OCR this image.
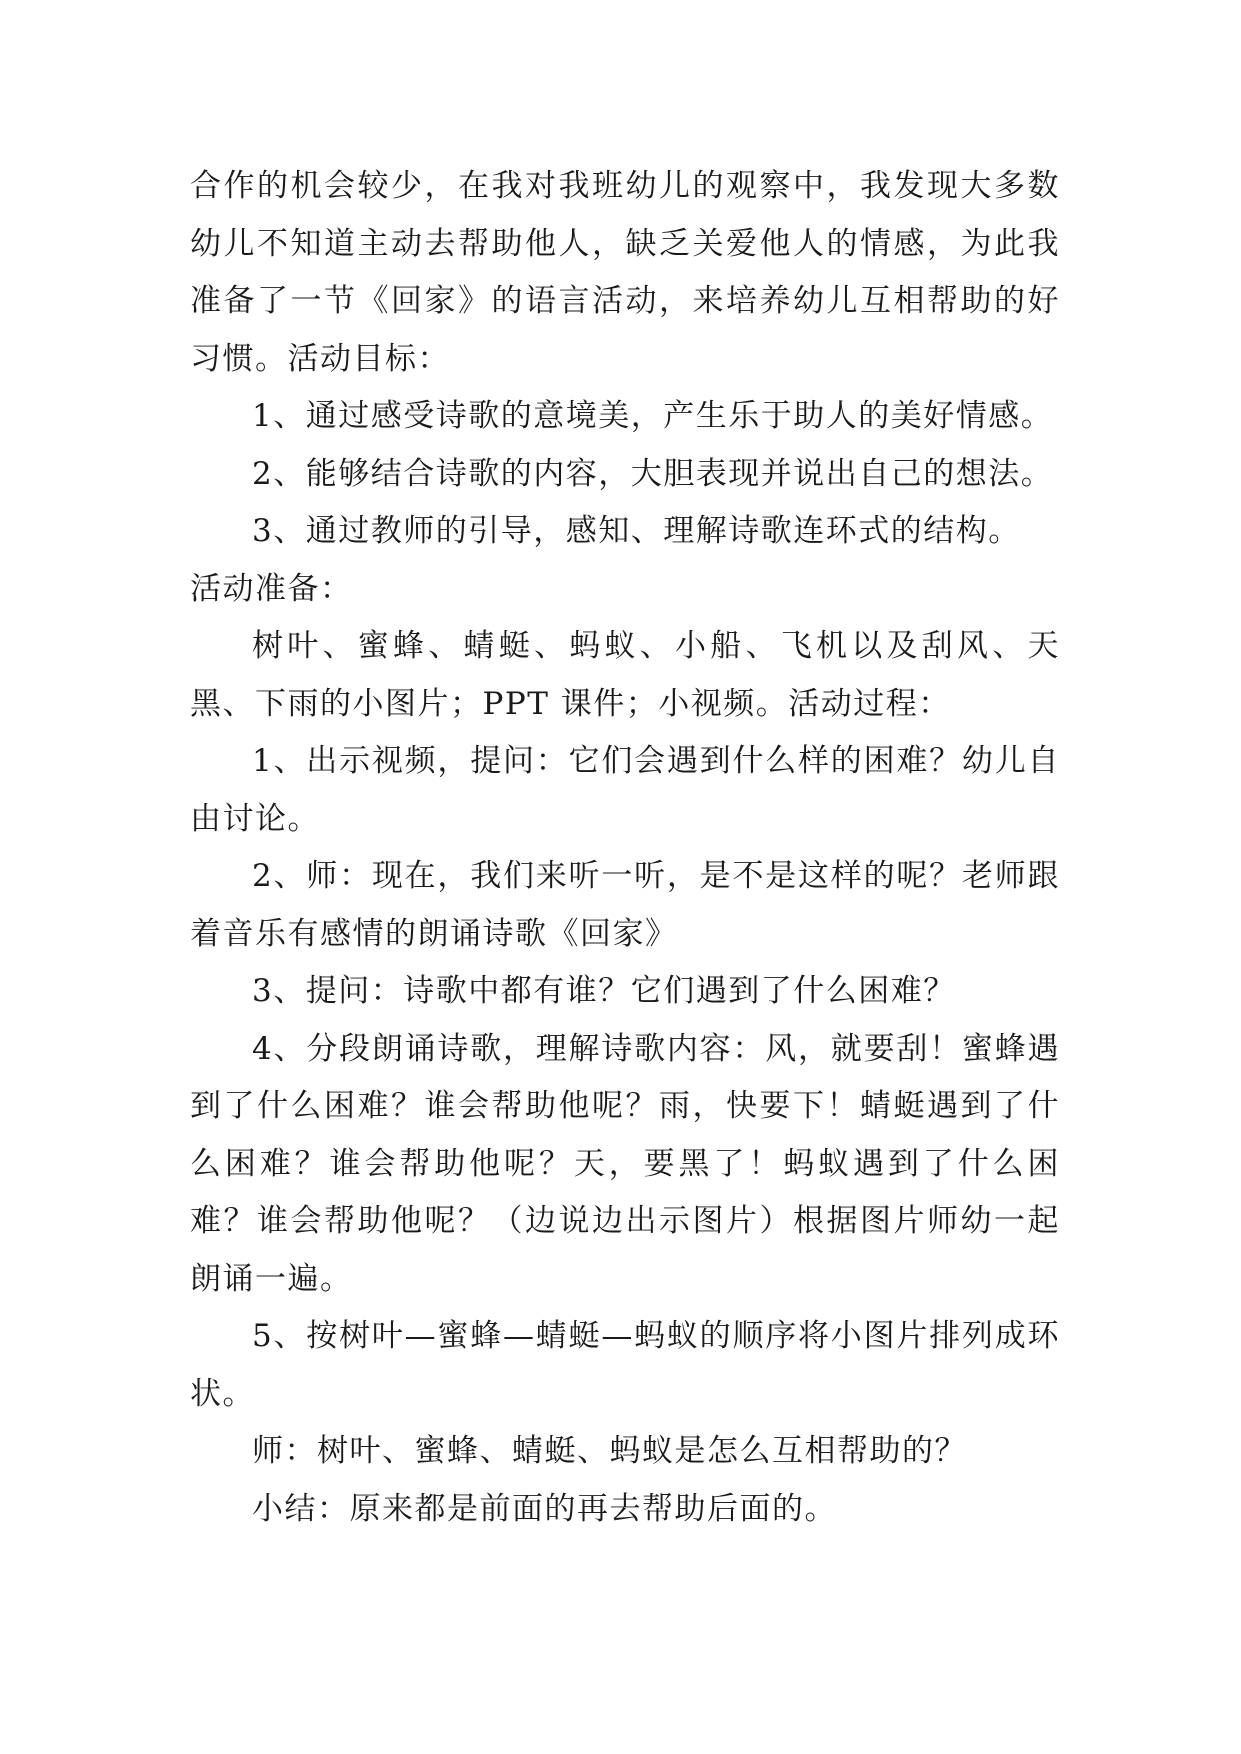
合作的机会较少，在我对我班幼儿的观察中，我发现大多数幼儿不知道主动去帮助他人，缺乏关爱他人的情感，为此我准备了一节《回家》的语言活动，来培养幼儿互相帮助的好习惯。活动目标：

1、通过感受诗歌的意境美，产生乐于助人的美好情感。

2、能够结合诗歌的内容，大胆表现并说出自己的想法。

3、通过教师的引导，感知、理解诗歌连环式的结构。

活动准备：

树叶、蜜蜂、蜻蜓、蚂蚁、小船、飞机以及刮风、天黑、下雨的小图片；PPT 课件；小视频。活动过程：

1、出示视频，提问：它们会遇到什么样的困难？幼儿自由讨论。

2、师：现在，我们来听一听，是不是这样的呢？老师跟着音乐有感情的朗诵诗歌《回家》

3、提问：诗歌中都有谁？它们遇到了什么困难？

4、分段朗诵诗歌，理解诗歌内容：风，就要刮！蜜蜂遇到了什么困难？谁会帮助他呢？雨，快要下！蜻蜓遇到了什么困难？谁会帮助他呢？天，要黑了！蚂蚁遇到了什么困难？谁会帮助他呢？（边说边出示图片）根据图片师幼一起朗诵一遍。

5、按树叶—蜜蜂—蜻蜓—蚂蚁的顺序将小图片排列成环状。

师：树叶、蜜蜂、蜻蜓、蚂蚁是怎么互相帮助的？

小结：原来都是前面的再去帮助后面的。
